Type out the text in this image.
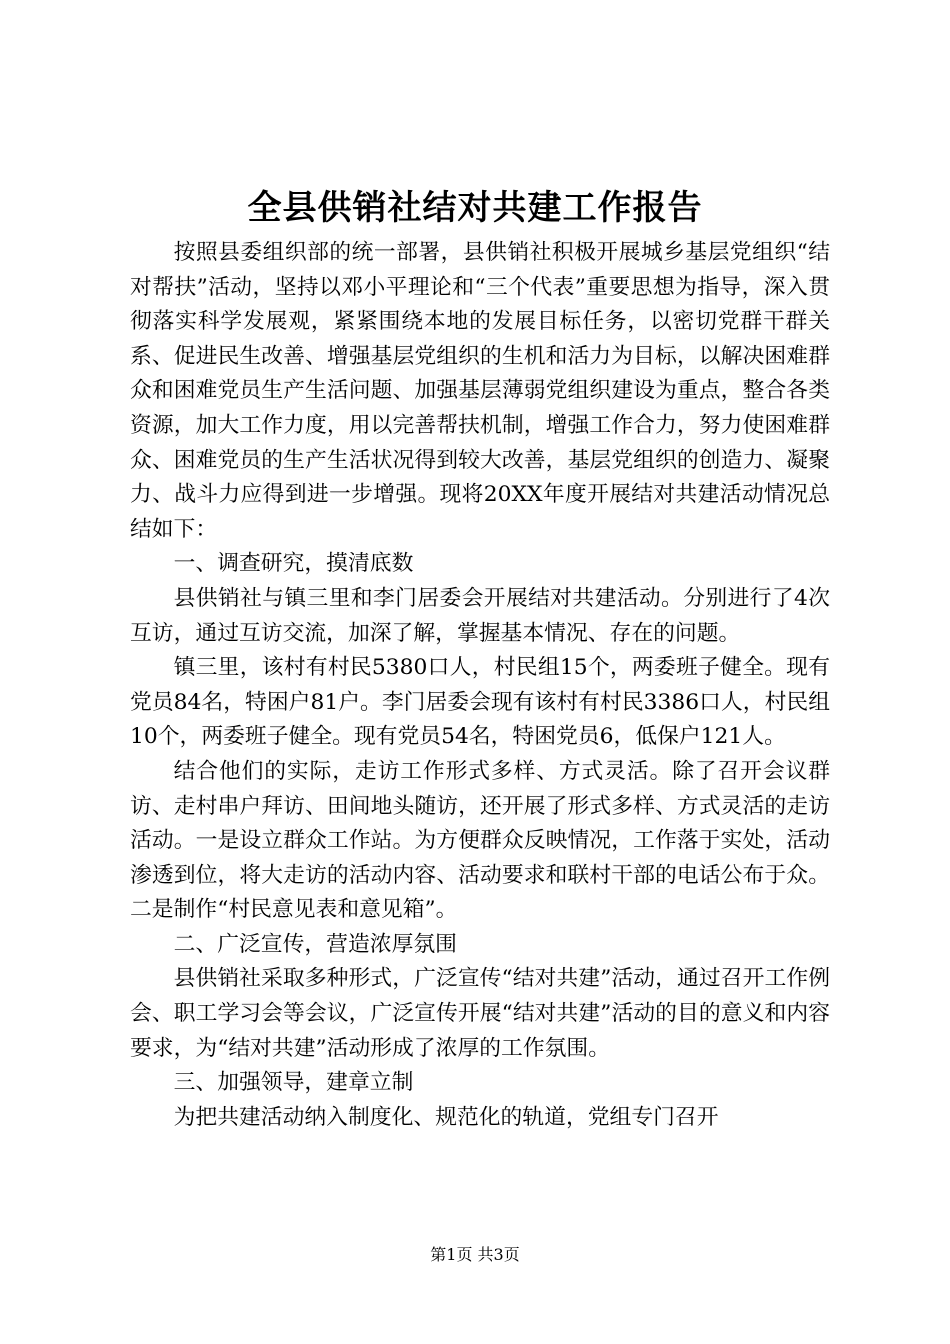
全县供销社结对共建工作报告

按照县委组织部的统一部署，县供销社积极开展城乡基层党组织“结对帮扶”活动，坚持以邓小平理论和“三个代表”重要思想为指导，深入贯彻落实科学发展观，紧紧围绕本地的发展目标任务，以密切党群干群关系、促进民生改善、增强基层党组织的生机和活力为目标，以解决困难群众和困难党员生产生活问题、加强基层薄弱党组织建设为重点，整合各类资源，加大工作力度，用以完善帮扶机制，增强工作合力，努力使困难群众、困难党员的生产生活状况得到较大改善，基层党组织的创造力、凝聚力、战斗力应得到进一步增强。现将20XX年度开展结对共建活动情况总结如下：

一、调查研究，摸清底数

县供销社与镇三里和李门居委会开展结对共建活动。分别进行了4次互访，通过互访交流，加深了解，掌握基本情况、存在的问题。

镇三里，该村有村民5380口人，村民组15个，两委班子健全。现有党员84名，特困户81户。李门居委会现有该村有村民3386口人，村民组10个，两委班子健全。现有党员54名，特困党员6，低保户121人。

结合他们的实际，走访工作形式多样、方式灵活。除了召开会议群访、走村串户拜访、田间地头随访，还开展了形式多样、方式灵活的走访活动。一是设立群众工作站。为方便群众反映情况，工作落于实处，活动渗透到位，将大走访的活动内容、活动要求和联村干部的电话公布于众。二是制作“村民意见表和意见箱”。

二、广泛宣传，营造浓厚氛围

县供销社采取多种形式，广泛宣传“结对共建”活动，通过召开工作例会、职工学习会等会议，广泛宣传开展“结对共建”活动的目的意义和内容要求，为“结对共建”活动形成了浓厚的工作氛围。

三、加强领导，建章立制

为把共建活动纳入制度化、规范化的轨道，党组专门召开

第1页 共3页
